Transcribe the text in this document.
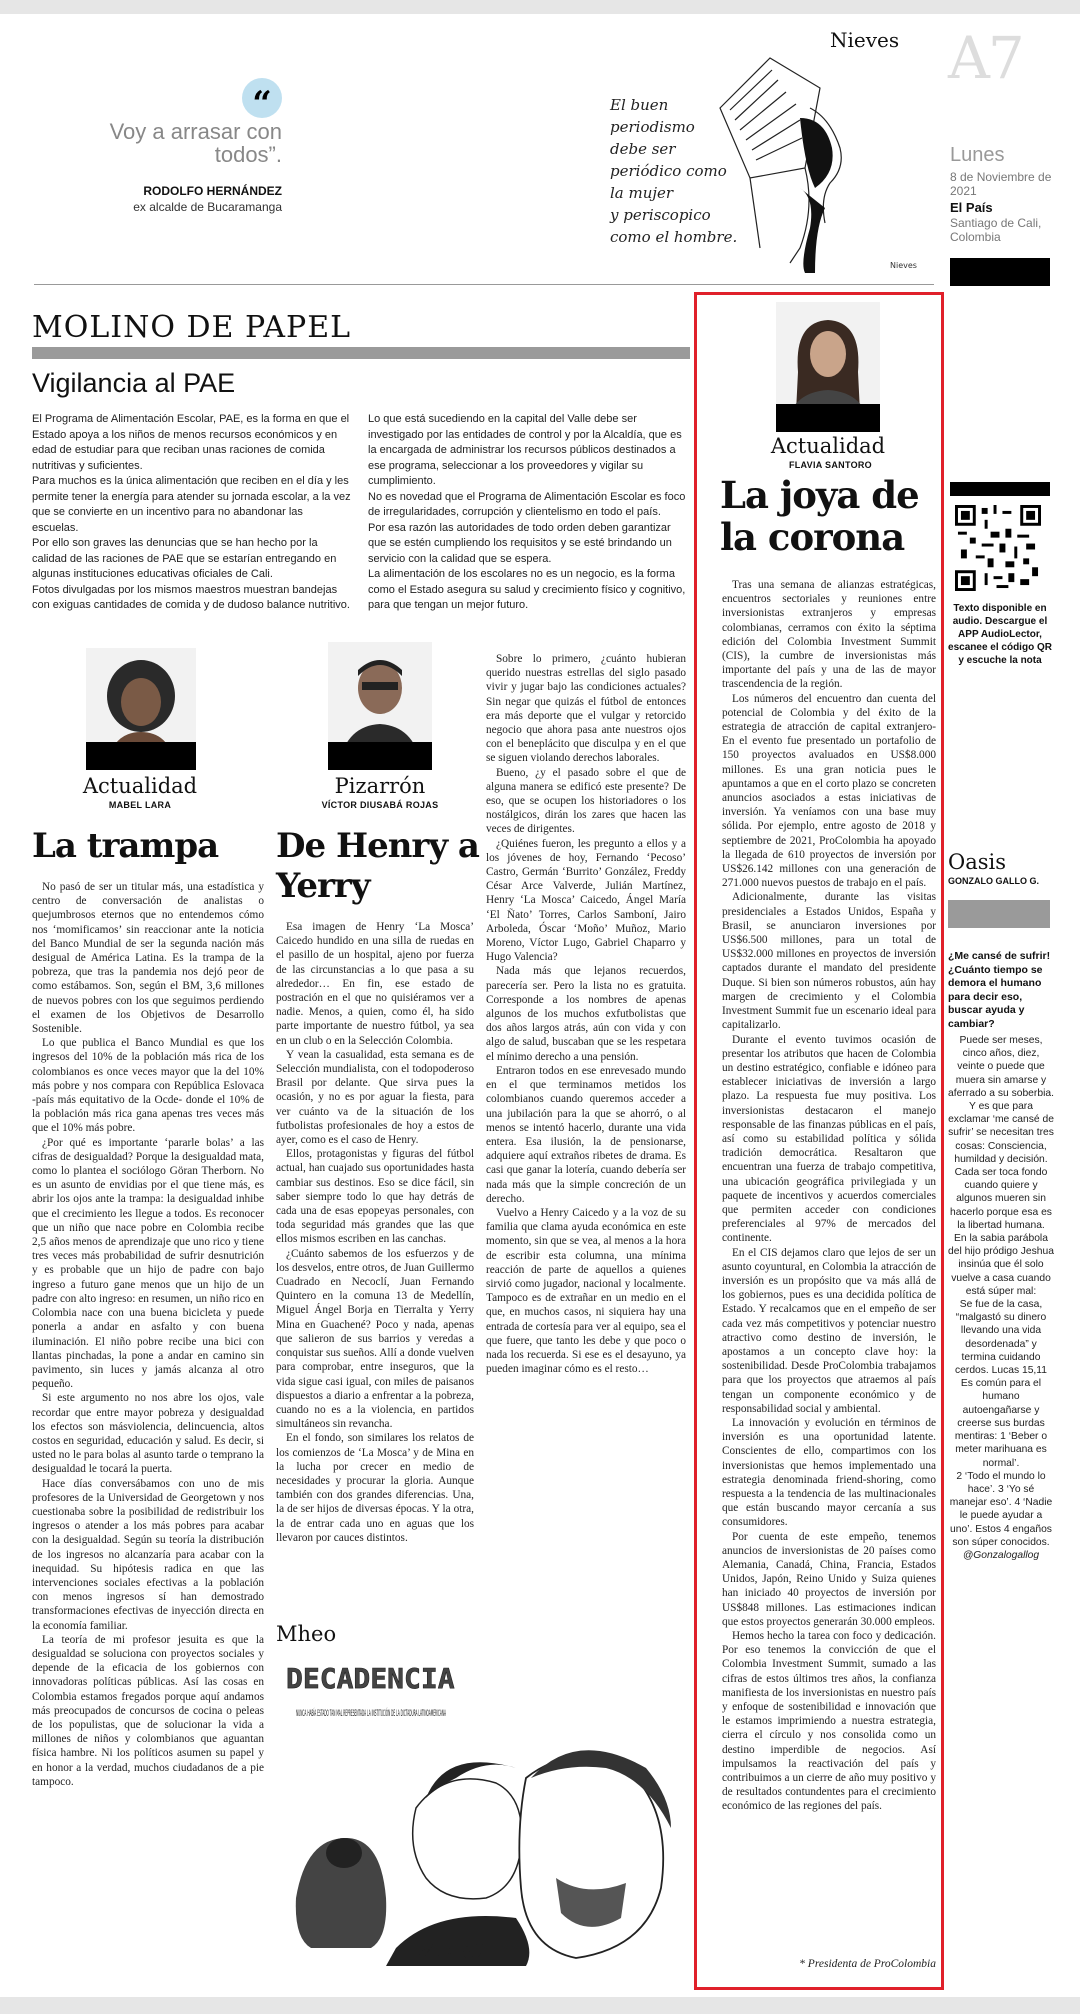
“
Voy a arrasar con todos”.
RODOLFO HERNÁNDEZ
ex alcalde de Bucaramanga
Nieves
El buen
periodismo
debe ser
periódico como
la mujer
y periscopico
como el hombre.
Nieves
A7
Lunes
8 de Noviembre de 2021
El País
Santiago de Cali, Colombia
MOLINO DE PAPEL
Vigilancia al PAE

El Programa de Alimentación Escolar, PAE, es la forma en que el Estado apoya a los niños de menos recursos económicos y en edad de estudiar para que reciban unas raciones de comida nutritivas y suficientes.

Para muchos es la única alimentación que reciben en el día y les permite tener la energía para atender su jornada escolar, a la vez que se convierte en un incentivo para no abandonar las escuelas.

Por ello son graves las denuncias que se han hecho por la calidad de las raciones de PAE que se estarían entregando en algunas instituciones educativas oficiales de Cali.

Fotos divulgadas por los mismos maestros muestran bandejas con exiguas cantidades de comida y de dudoso balance nutritivo.

Lo que está sucediendo en la capital del Valle debe ser investigado por las entidades de control y por la Alcaldía, que es la encargada de administrar los recursos públicos destinados a ese programa, seleccionar a los proveedores y vigilar su cumplimiento.

No es novedad que el Programa de Alimentación Escolar es foco de irregularidades, corrupción y clientelismo en todo el país.

Por esa razón las autoridades de todo orden deben garantizar que se estén cumpliendo los requisitos y se esté brindando un servicio con la calidad que se espera.

La alimentación de los escolares no es un negocio, es la forma como el Estado asegura su salud y crecimiento físico y cognitivo, para que tengan un mejor futuro.

Actualidad
MABEL LARA
La trampa

No pasó de ser un titular más, una estadística y centro de conversación de analistas o quejumbrosos eternos que no entendemos cómo nos ‘momificamos’ sin reaccionar ante la noticia del Banco Mundial de ser la segunda nación más desigual de América Latina. Es la trampa de la pobreza, que tras la pandemia nos dejó peor de como estábamos. Son, según el BM, 3,6 millones de nuevos pobres con los que seguimos perdiendo el examen de los Objetivos de Desarrollo Sostenible.

Lo que publica el Banco Mundial es que los ingresos del 10% de la población más rica de los colombianos es once veces mayor que la del 10% más pobre y nos compara con República Eslovaca -país más equitativo de la Ocde- donde el 10% de la población más rica gana apenas tres veces más que el 10% más pobre.

¿Por qué es importante ‘pararle bolas’ a las cifras de desigualdad? Porque la desigualdad mata, como lo plantea el sociólogo Göran Therborn. No es un asunto de envidias por el que tiene más, es abrir los ojos ante la trampa: la desigualdad inhibe que el crecimiento les llegue a todos. Es reconocer que un niño que nace pobre en Colombia recibe 2,5 años menos de aprendizaje que uno rico y tiene tres veces más probabilidad de sufrir desnutrición y es probable que un hijo de padre con bajo ingreso a futuro gane menos que un hijo de un padre con alto ingreso: en resumen, un niño rico en Colombia nace con una buena bicicleta y puede ponerla a andar en asfalto y con buena iluminación. El niño pobre recibe una bici con llantas pinchadas, la pone a andar en camino sin pavimento, sin luces y jamás alcanza al otro pequeño.

Si este argumento no nos abre los ojos, vale recordar que entre mayor pobreza y desigualdad los efectos son másviolencia, delincuencia, altos costos en seguridad, educación y salud. Es decir, si usted no le para bolas al asunto tarde o temprano la desigualdad le tocará la puerta.

Hace días conversábamos con uno de mis profesores de la Universidad de Georgetown y nos cuestionaba sobre la posibilidad de redistribuir los ingresos o atender a los más pobres para acabar con la desigualdad. Según su teoría la distribución de los ingresos no alcanzaría para acabar con la inequidad. Su hipótesis radica en que las intervenciones sociales efectivas a la población con menos ingresos sí han demostrado transformaciones efectivas de inyección directa en la economía familiar.

La teoría de mi profesor jesuita es que la desigualdad se soluciona con proyectos sociales y depende de la eficacia de los gobiernos con innovadoras políticas públicas. Así las cosas en Colombia estamos fregados porque aquí andamos más preocupados de concursos de cocina o peleas de los populistas, que de solucionar la vida a millones de niños y colombianos que aguantan física hambre. Ni los políticos asumen su papel y en honor a la verdad, muchos ciudadanos de a pie tampoco.

Pizarrón
VÍCTOR DIUSABÁ ROJAS
De Henry a Yerry

Esa imagen de Henry ‘La Mosca’ Caicedo hundido en una silla de ruedas en el pasillo de un hospital, ajeno por fuerza de las circunstancias a lo que pasa a su alrededor… En fin, ese estado de postración en el que no quisiéramos ver a nadie. Menos, a quien, como él, ha sido parte importante de nuestro fútbol, ya sea en un club o en la Selección Colombia.

Y vean la casualidad, esta semana es de Selección mundialista, con el todopoderoso Brasil por delante. Que sirva pues la ocasión, y no es por aguar la fiesta, para ver cuánto va de la situación de los futbolistas profesionales de hoy a estos de ayer, como es el caso de Henry.

Ellos, protagonistas y figuras del fútbol actual, han cuajado sus oportunidades hasta cambiar sus destinos. Eso se dice fácil, sin saber siempre todo lo que hay detrás de cada una de esas epopeyas personales, con toda seguridad más grandes que las que ellos mismos escriben en las canchas.

¿Cuánto sabemos de los esfuerzos y de los desvelos, entre otros, de Juan Guillermo Cuadrado en Necoclí, Juan Fernando Quintero en la comuna 13 de Medellín, Miguel Ángel Borja en Tierralta y Yerry Mina en Guachené? Poco y nada, apenas que salieron de sus barrios y veredas a conquistar sus sueños. Allí a donde vuelven para comprobar, entre inseguros, que la vida sigue casi igual, con miles de paisanos dispuestos a diario a enfrentar a la pobreza, cuando no es a la violencia, en partidos simultáneos sin revancha.

En el fondo, son similares los relatos de los comienzos de ‘La Mosca’ y de Mina en la lucha por crecer en medio de necesidades y procurar la gloria. Aunque también con dos grandes diferencias. Una, la de ser hijos de diversas épocas. Y la otra, la de entrar cada uno en aguas que los llevaron por cauces distintos.

Sobre lo primero, ¿cuánto hubieran querido nuestras estrellas del siglo pasado vivir y jugar bajo las condiciones actuales? Sin negar que quizás el fútbol de entonces era más deporte que el vulgar y retorcido negocio que ahora pasa ante nuestros ojos con el beneplácito que disculpa y en el que se siguen violando derechos laborales.

Bueno, ¿y el pasado sobre el que de alguna manera se edificó este presente? De eso, que se ocupen los historiadores o los nostálgicos, dirán los zares que hacen las veces de dirigentes.

¿Quiénes fueron, les pregunto a ellos y a los jóvenes de hoy, Fernando ‘Pecoso’ Castro, Germán ‘Burrito’ González, Freddy César Arce Valverde, Julián Martínez, Henry ‘La Mosca’ Caicedo, Ángel María ‘El Ñato’ Torres, Carlos Samboní, Jairo Arboleda, Óscar ‘Moño’ Muñoz, Mario Moreno, Víctor Lugo, Gabriel Chaparro y Hugo Valencia?

Nada más que lejanos recuerdos, parecería ser. Pero la lista no es gratuita. Corresponde a los nombres de apenas algunos de los muchos exfutbolistas que dos años largos atrás, aún con vida y con algo de salud, buscaban que se les respetara el mínimo derecho a una pensión.

Entraron todos en ese enrevesado mundo en el que terminamos metidos los colombianos cuando queremos acceder a una jubilación para la que se ahorró, o al menos se intentó hacerlo, durante una vida entera. Esa ilusión, la de pensionarse, adquiere aquí extraños ribetes de drama. Es casi que ganar la lotería, cuando debería ser nada más que la simple concreción de un derecho.

Vuelvo a Henry Caicedo y a la voz de su familia que clama ayuda económica en este momento, sin que se vea, al menos a la hora de escribir esta columna, una mínima reacción de parte de aquellos a quienes sirvió como jugador, nacional y localmente. Tampoco es de extrañar en un medio en el que, en muchos casos, ni siquiera hay una entrada de cortesía para ver al equipo, sea el que fuere, que tanto les debe y que poco o nada los recuerda. Si ese es el desayuno, ya pueden imaginar cómo es el resto…

Mheo
DECADENCIA
MHEO
Actualidad
FLAVIA SANTORO
La joya de la corona

Tras una semana de alianzas estratégicas, encuentros sectoriales y reuniones entre inversionistas extranjeros y empresas colombianas, cerramos con éxito la séptima edición del Colombia Investment Summit (CIS), la cumbre de inversionistas más importante del país y una de las de mayor trascendencia de la región.

Los números del encuentro dan cuenta del potencial de Colombia y del éxito de la estrategia de atracción de capital extranjero- En el evento fue presentado un portafolio de 150 proyectos avaluados en US$8.000 millones. Es una gran noticia pues le apuntamos a que en el corto plazo se concreten anuncios asociados a estas iniciativas de inversión. Ya veníamos con una base muy sólida. Por ejemplo, entre agosto de 2018 y septiembre de 2021, ProColombia ha apoyado la llegada de 610 proyectos de inversión por US$26.142 millones con una generación de 271.000 nuevos puestos de trabajo en el país.

Adicionalmente, durante las visitas presidenciales a Estados Unidos, España y Brasil, se anunciaron inversiones por US$6.500 millones, para un total de US$32.000 millones en proyectos de inversión captados durante el mandato del presidente Duque. Si bien son números robustos, aún hay margen de crecimiento y el Colombia Investment Summit fue un escenario ideal para capitalizarlo.

Durante el evento tuvimos ocasión de presentar los atributos que hacen de Colombia un destino estratégico, confiable e idóneo para establecer iniciativas de inversión a largo plazo. La respuesta fue muy positiva. Los inversionistas destacaron el manejo responsable de las finanzas públicas en el país, así como su estabilidad política y sólida tradición democrática. Resaltaron que encuentran una fuerza de trabajo competitiva, una ubicación geográfica privilegiada y un paquete de incentivos y acuerdos comerciales que permiten acceder con condiciones preferenciales al 97% de mercados del continente.

En el CIS dejamos claro que lejos de ser un asunto coyuntural, en Colombia la atracción de inversión es un propósito que va más allá de los gobiernos, pues es una decidida política de Estado. Y recalcamos que en el empeño de ser cada vez más competitivos y potenciar nuestro atractivo como destino de inversión, le apostamos a un concepto clave hoy: la sostenibilidad. Desde ProColombia trabajamos para que los proyectos que atraemos al país tengan un componente económico y de responsabilidad social y ambiental.

La innovación y evolución en términos de inversión es una oportunidad latente. Conscientes de ello, compartimos con los inversionistas que hemos implementado una estrategia denominada friend-shoring, como respuesta a la tendencia de las multinacionales que están buscando mayor cercanía a sus consumidores.

Por cuenta de este empeño, tenemos anuncios de inversionistas de 20 países como Alemania, Canadá, China, Francia, Estados Unidos, Japón, Reino Unido y Suiza quienes han iniciado 40 proyectos de inversión por US$848 millones. Las estimaciones indican que estos proyectos generarán 30.000 empleos.

Hemos hecho la tarea con foco y dedicación. Por eso tenemos la convicción de que el Colombia Investment Summit, sumado a las cifras de estos últimos tres años, la confianza manifiesta de los inversionistas en nuestro país y enfoque de sostenibilidad e innovación que le estamos imprimiendo a nuestra estrategia, cierra el círculo y nos consolida como un destino imperdible de negocios. Así impulsamos la reactivación del país y contribuimos a un cierre de año muy positivo y de resultados contundentes para el crecimiento económico de las regiones del país.

* Presidenta de ProColombia
Texto disponible en audio. Descargue el APP AudioLector, escanee el código QR y escuche la nota
Oasis
GONZALO GALLO G.
¿Me cansé de sufrir! ¿Cuánto tiempo se demora el humano para decir eso, buscar ayuda y cambiar?

Puede ser meses, cinco años, diez, veinte o puede que muera sin amarse y aferrado a su soberbia.

Y es que para exclamar ‘me cansé de sufrir’ se necesitan tres cosas: Consciencia, humildad y decisión.

Cada ser toca fondo cuando quiere y algunos mueren sin hacerlo porque esa es la libertad humana.

En la sabia parábola del hijo pródigo Jeshua insinúa que él solo vuelve a casa cuando está súper mal:

Se fue de la casa, “malgastó su dinero llevando una vida desordenada” y termina cuidando cerdos. Lucas 15,11

Es común para el humano autoengañarse y creerse sus burdas mentiras: 1 ‘Beber o meter marihuana es normal’.

2 ‘Todo el mundo lo hace’. 3 ‘Yo sé manejar eso’. 4 ‘Nadie le puede ayudar a uno’. Estos 4 engaños son súper conocidos.

@Gonzalogallog
